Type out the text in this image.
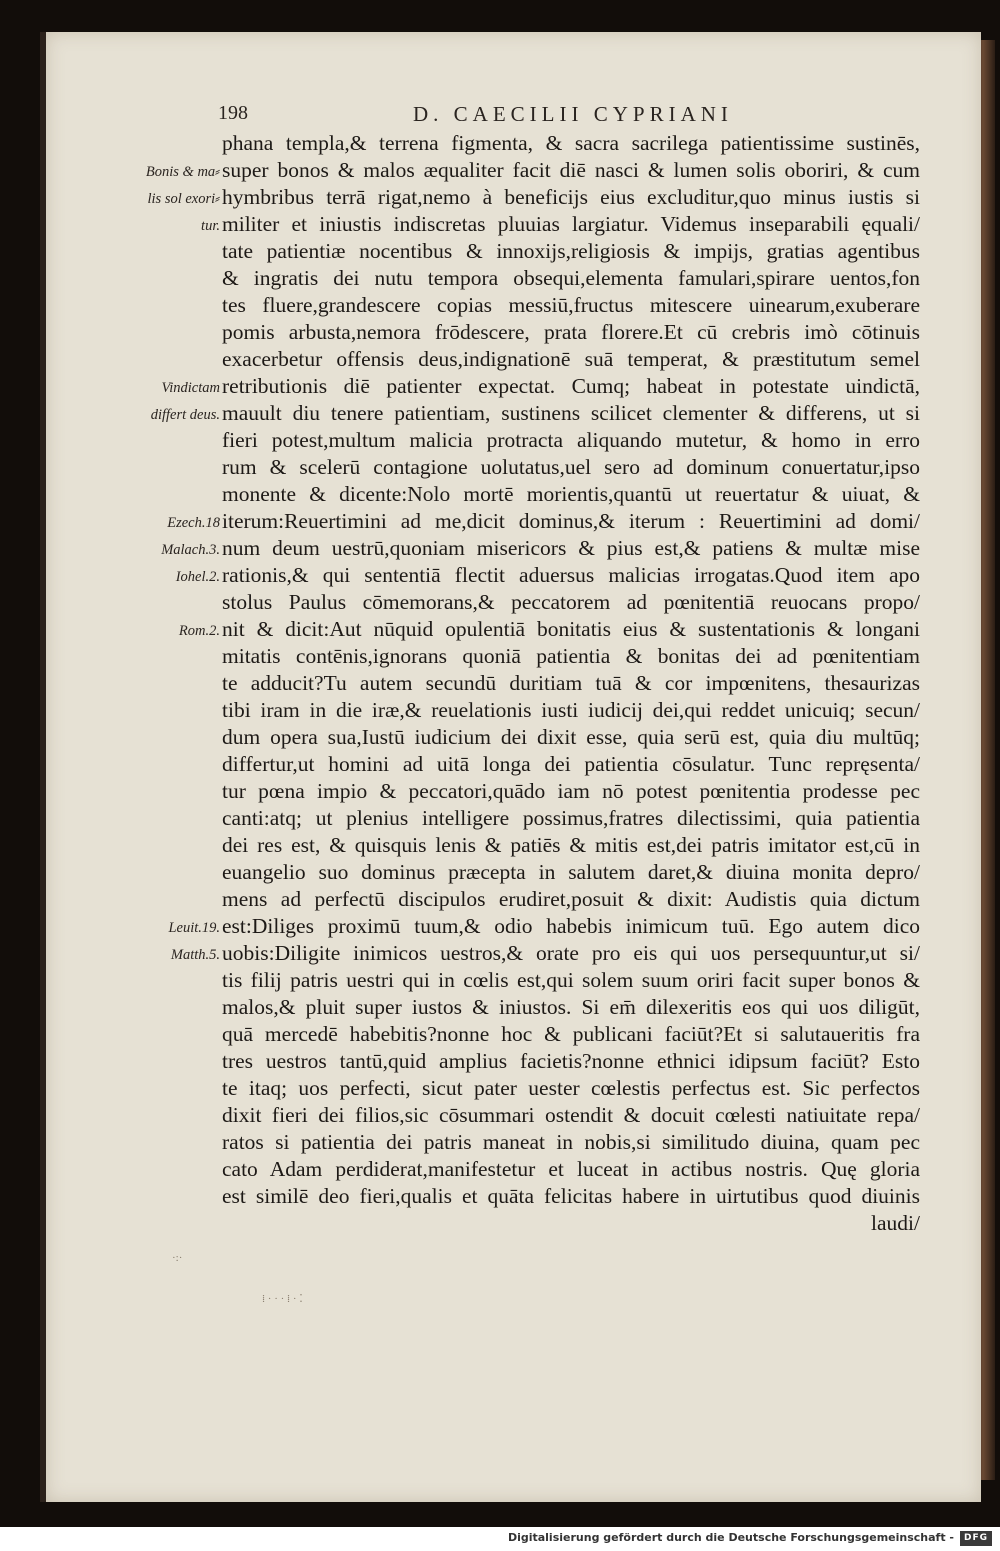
198	D. CAECILII CYPRIANI
Bonis & ma⸗
lis sol exori⸗
tur.
Vindictam
differt deus.
Ezech.18
Malach.3.
Iohel.2.
Rom.2.
Leuit.19.
Matth.5.
phana templa,& terrena figmenta, & sacra sacrilega patientissime sustinēs,
super bonos & malos æqualiter facit diē nasci & lumen solis oboriri, & cum
hymbribus terrā rigat,nemo à beneficijs eius excluditur,quo minus iustis si
militer et iniustis indiscretas pluuias largiatur. Videmus inseparabili ęquali/
tate patientiæ nocentibus & innoxijs,religiosis & impijs, gratias agentibus
& ingratis dei nutu tempora obsequi,elementa famulari,spirare uentos,fon
tes fluere,grandescere copias messiū,fructus mitescere uinearum,exuberare
pomis arbusta,nemora frōdescere, prata florere.Et cū crebris imò cōtinuis
exacerbetur offensis deus,indignationē suā temperat, & præstitutum semel
retributionis diē patienter expectat. Cumq; habeat in potestate uindictā,
mauult diu tenere patientiam, sustinens scilicet clementer & differens, ut si
fieri potest,multum malicia protracta aliquando mutetur, & homo in erro
rum & scelerū contagione uolutatus,uel sero ad dominum conuertatur,ipso
monente & dicente:Nolo mortē morientis,quantū ut reuertatur & uiuat, &
iterum:Reuertimini ad me,dicit dominus,& iterum : Reuertimini ad domi/
num deum uestrū,quoniam misericors & pius est,& patiens & multæ mise
rationis,& qui sententiā flectit aduersus malicias irrogatas.Quod item apo
stolus Paulus cōmemorans,& peccatorem ad pœnitentiā reuocans propo/
nit & dicit:Aut nūquid opulentiā bonitatis eius & sustentationis & longani
mitatis contēnis,ignorans quoniā patientia & bonitas dei ad pœnitentiam
te adducit?Tu autem secundū duritiam tuā & cor impœnitens, thesaurizas
tibi iram in die iræ,& reuelationis iusti iudicij dei,qui reddet unicuiq; secun/
dum opera sua,Iustū iudicium dei dixit esse, quia serū est, quia diu multūq;
differtur,ut homini ad uitā longa dei patientia cōsulatur. Tunc repręsenta/
tur pœna impio & peccatori,quādo iam nō potest pœnitentia prodesse pec
canti:atq; ut plenius intelligere possimus,fratres dilectissimi, quia patientia
dei res est, & quisquis lenis & patiēs & mitis est,dei patris imitator est,cū in
euangelio suo dominus præcepta in salutem daret,& diuina monita depro/
mens ad perfectū discipulos erudiret,posuit & dixit: Audistis quia dictum
est:Diliges proximū tuum,& odio habebis inimicum tuū. Ego autem dico
uobis:Diligite inimicos uestros,& orate pro eis qui uos persequuntur,ut si/
tis filij patris uestri qui in cœlis est,qui solem suum oriri facit super bonos &
malos,& pluit super iustos & iniustos. Si em̄ dilexeritis eos qui uos diligūt,
quā mercedē habebitis?nonne hoc & publicani faciūt?Et si salutaueritis fra
tres uestros tantū,quid amplius facietis?nonne ethnici idipsum faciūt? Esto
te itaq; uos perfecti, sicut pater uester cœlestis perfectus est. Sic perfectos
dixit fieri dei filios,sic cōsummari ostendit & docuit cœlesti natiuitate repa/
ratos si patientia dei patris maneat in nobis,si similitudo diuina, quam pec
cato Adam perdiderat,manifestetur et luceat in actibus nostris. Quę gloria
est similē deo fieri,qualis et quāta felicitas habere in uirtutibus quod diuinis
laudi/
·:·
⁞ · · · ⁞ · ⁚
Digitalisierung gefördert durch die Deutsche Forschungsgemeinschaft -	DFG
